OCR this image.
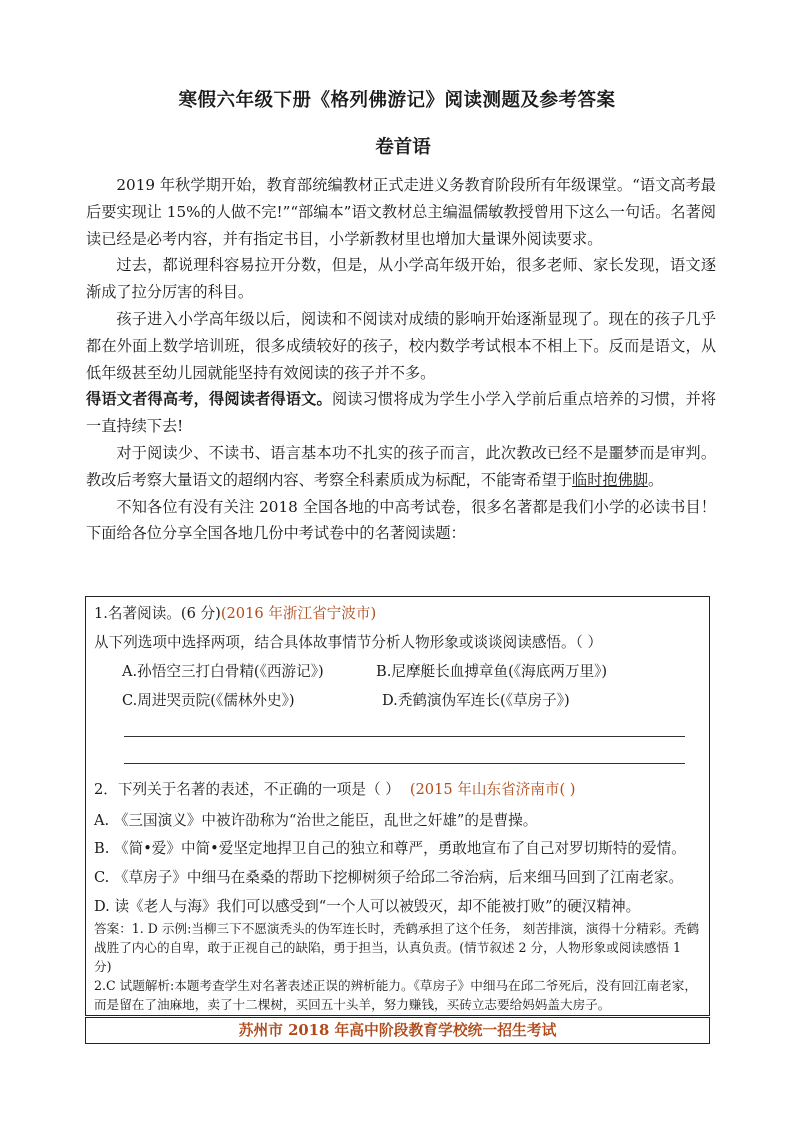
寒假六年级下册《格列佛游记》阅读测题及参考答案
卷首语

2019 年秋学期开始，教育部统编教材正式走进义务教育阶段所有年级课堂。“语文高考最后要实现让 15%的人做不完!”“部编本”语文教材总主编温儒敏教授曾用下这么一句话。名著阅读已经是必考内容，并有指定书目，小学新教材里也增加大量课外阅读要求。

过去，都说理科容易拉开分数，但是，从小学高年级开始，很多老师、家长发现，语文逐渐成了拉分厉害的科目。

孩子进入小学高年级以后，阅读和不阅读对成绩的影响开始逐渐显现了。现在的孩子几乎都在外面上数学培训班，很多成绩较好的孩子，校内数学考试根本不相上下。反而是语文，从低年级甚至幼儿园就能坚持有效阅读的孩子并不多。

得语文者得高考，得阅读者得语文。阅读习惯将成为学生小学入学前后重点培养的习惯，并将一直持续下去!

对于阅读少、不读书、语言基本功不扎实的孩子而言，此次教改已经不是噩梦而是审判。教改后考察大量语文的超纲内容、考察全科素质成为标配，不能寄希望于临时抱佛脚。

不知各位有没有关注 2018 全国各地的中高考试卷，很多名著都是我们小学的必读书目！下面给各位分享全国各地几份中考试卷中的名著阅读题：

1.名著阅读。(6 分)(2016 年浙江省宁波市)
从下列选项中选择两项，结合具体故事情节分析人物形象或谈谈阅读感悟。（ ）
A.孙悟空三打白骨精(《西游记》)	B.尼摩艇长血搏章鱼(《海底两万里》)
C.周进哭贡院(《儒林外史》)	D.秃鹤演伪军连长(《草房子》)
2．下列关于名著的表述，不正确的一项是（ ） (2015 年山东省济南市( )
A. 《三国演义》中被许劭称为“治世之能臣，乱世之奸雄”的是曹操。
B. 《简•爱》中简•爱坚定地捍卫自己的独立和尊严，勇敢地宣布了自己对罗切斯特的爱情。
C. 《草房子》中细马在桑桑的帮助下挖柳树须子给邱二爷治病，后来细马回到了江南老家。
D. 读《老人与海》我们可以感受到“一个人可以被毁灭，却不能被打败”的硬汉精神。
答案：1. D 示例:当柳三下不愿演秃头的伪军连长时，秃鹤承担了这个任务， 刻苦排演，演得十分精彩。秃鹤战胜了内心的自卑，敢于正视自己的缺陷，勇于担当，认真负责。(情节叙述 2 分，人物形象或阅读感悟 1 分)
2.C 试题解析:本题考查学生对名著表述正误的辨析能力。《草房子》中细马在邱二爷死后，没有回江南老家，而是留在了油麻地，卖了十二棵树，买回五十头羊，努力赚钱，买砖立志要给妈妈盖大房子。
苏州市 2018 年高中阶段教育学校统一招生考试
